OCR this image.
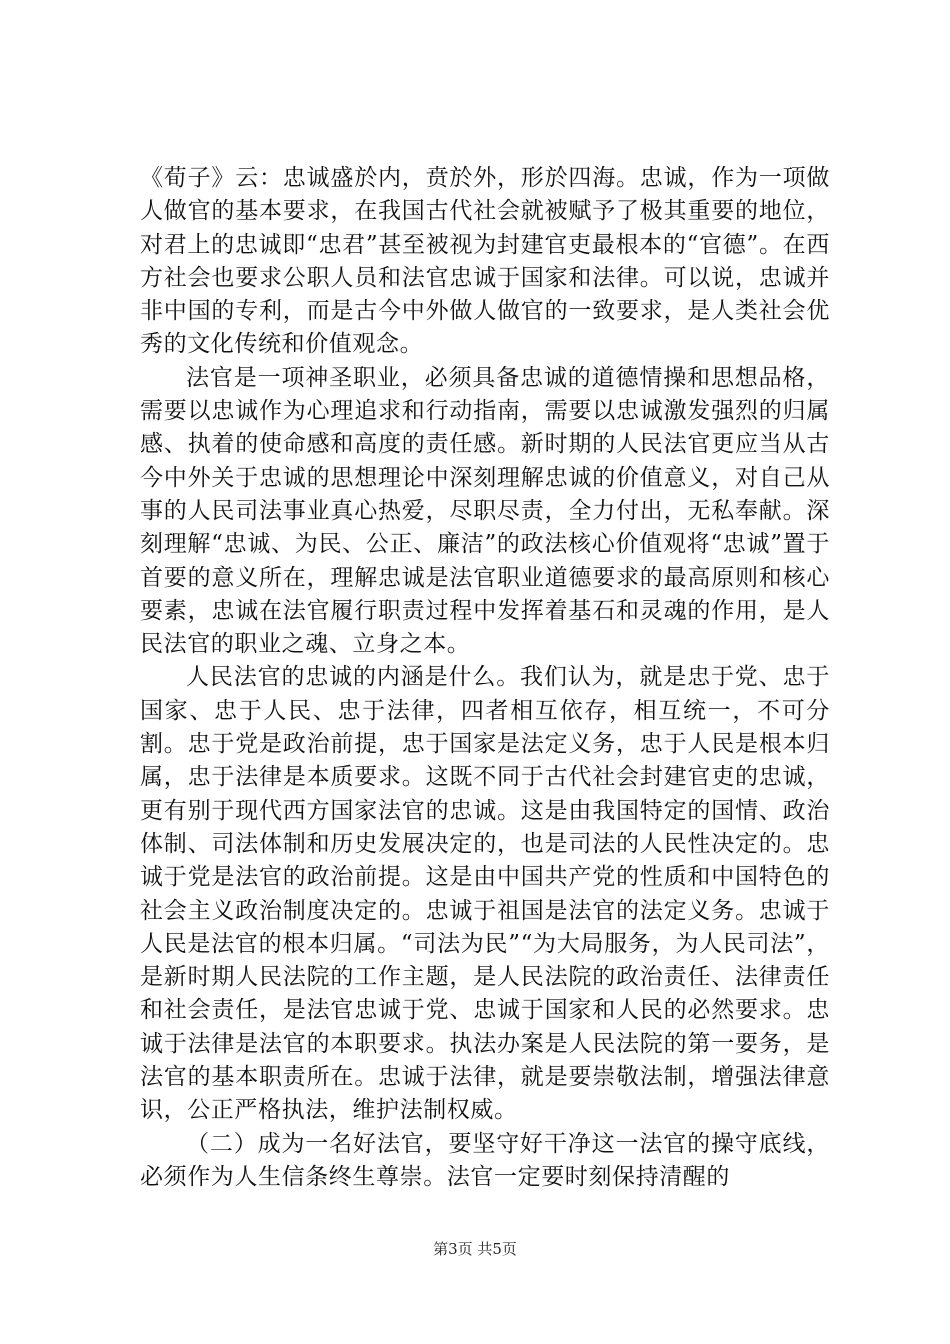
《荀子》云：忠诚盛於内，贲於外，形於四海。忠诚，作为一项做人做官的基本要求，在我国古代社会就被赋予了极其重要的地位，对君上的忠诚即“忠君”甚至被视为封建官吏最根本的“官德”。在西方社会也要求公职人员和法官忠诚于国家和法律。可以说，忠诚并非中国的专利，而是古今中外做人做官的一致要求，是人类社会优秀的文化传统和价值观念。

法官是一项神圣职业，必须具备忠诚的道德情操和思想品格，需要以忠诚作为心理追求和行动指南，需要以忠诚激发强烈的归属感、执着的使命感和高度的责任感。新时期的人民法官更应当从古今中外关于忠诚的思想理论中深刻理解忠诚的价值意义，对自己从事的人民司法事业真心热爱，尽职尽责，全力付出，无私奉献。深刻理解“忠诚、为民、公正、廉洁”的政法核心价值观将“忠诚”置于首要的意义所在，理解忠诚是法官职业道德要求的最高原则和核心要素，忠诚在法官履行职责过程中发挥着基石和灵魂的作用，是人民法官的职业之魂、立身之本。

人民法官的忠诚的内涵是什么。我们认为，就是忠于党、忠于国家、忠于人民、忠于法律，四者相互依存，相互统一，不可分割。忠于党是政治前提，忠于国家是法定义务，忠于人民是根本归属，忠于法律是本质要求。这既不同于古代社会封建官吏的忠诚，更有别于现代西方国家法官的忠诚。这是由我国特定的国情、政治体制、司法体制和历史发展决定的，也是司法的人民性决定的。忠诚于党是法官的政治前提。这是由中国共产党的性质和中国特色的社会主义政治制度决定的。忠诚于祖国是法官的法定义务。忠诚于人民是法官的根本归属。“司法为民”“为大局服务，为人民司法”，是新时期人民法院的工作主题，是人民法院的政治责任、法律责任和社会责任，是法官忠诚于党、忠诚于国家和人民的必然要求。忠诚于法律是法官的本职要求。执法办案是人民法院的第一要务，是法官的基本职责所在。忠诚于法律，就是要崇敬法制，增强法律意识，公正严格执法，维护法制权威。

（二）成为一名好法官，要坚守好干净这一法官的操守底线，必须作为人生信条终生尊崇。法官一定要时刻保持清醒的

第3页 共5页
